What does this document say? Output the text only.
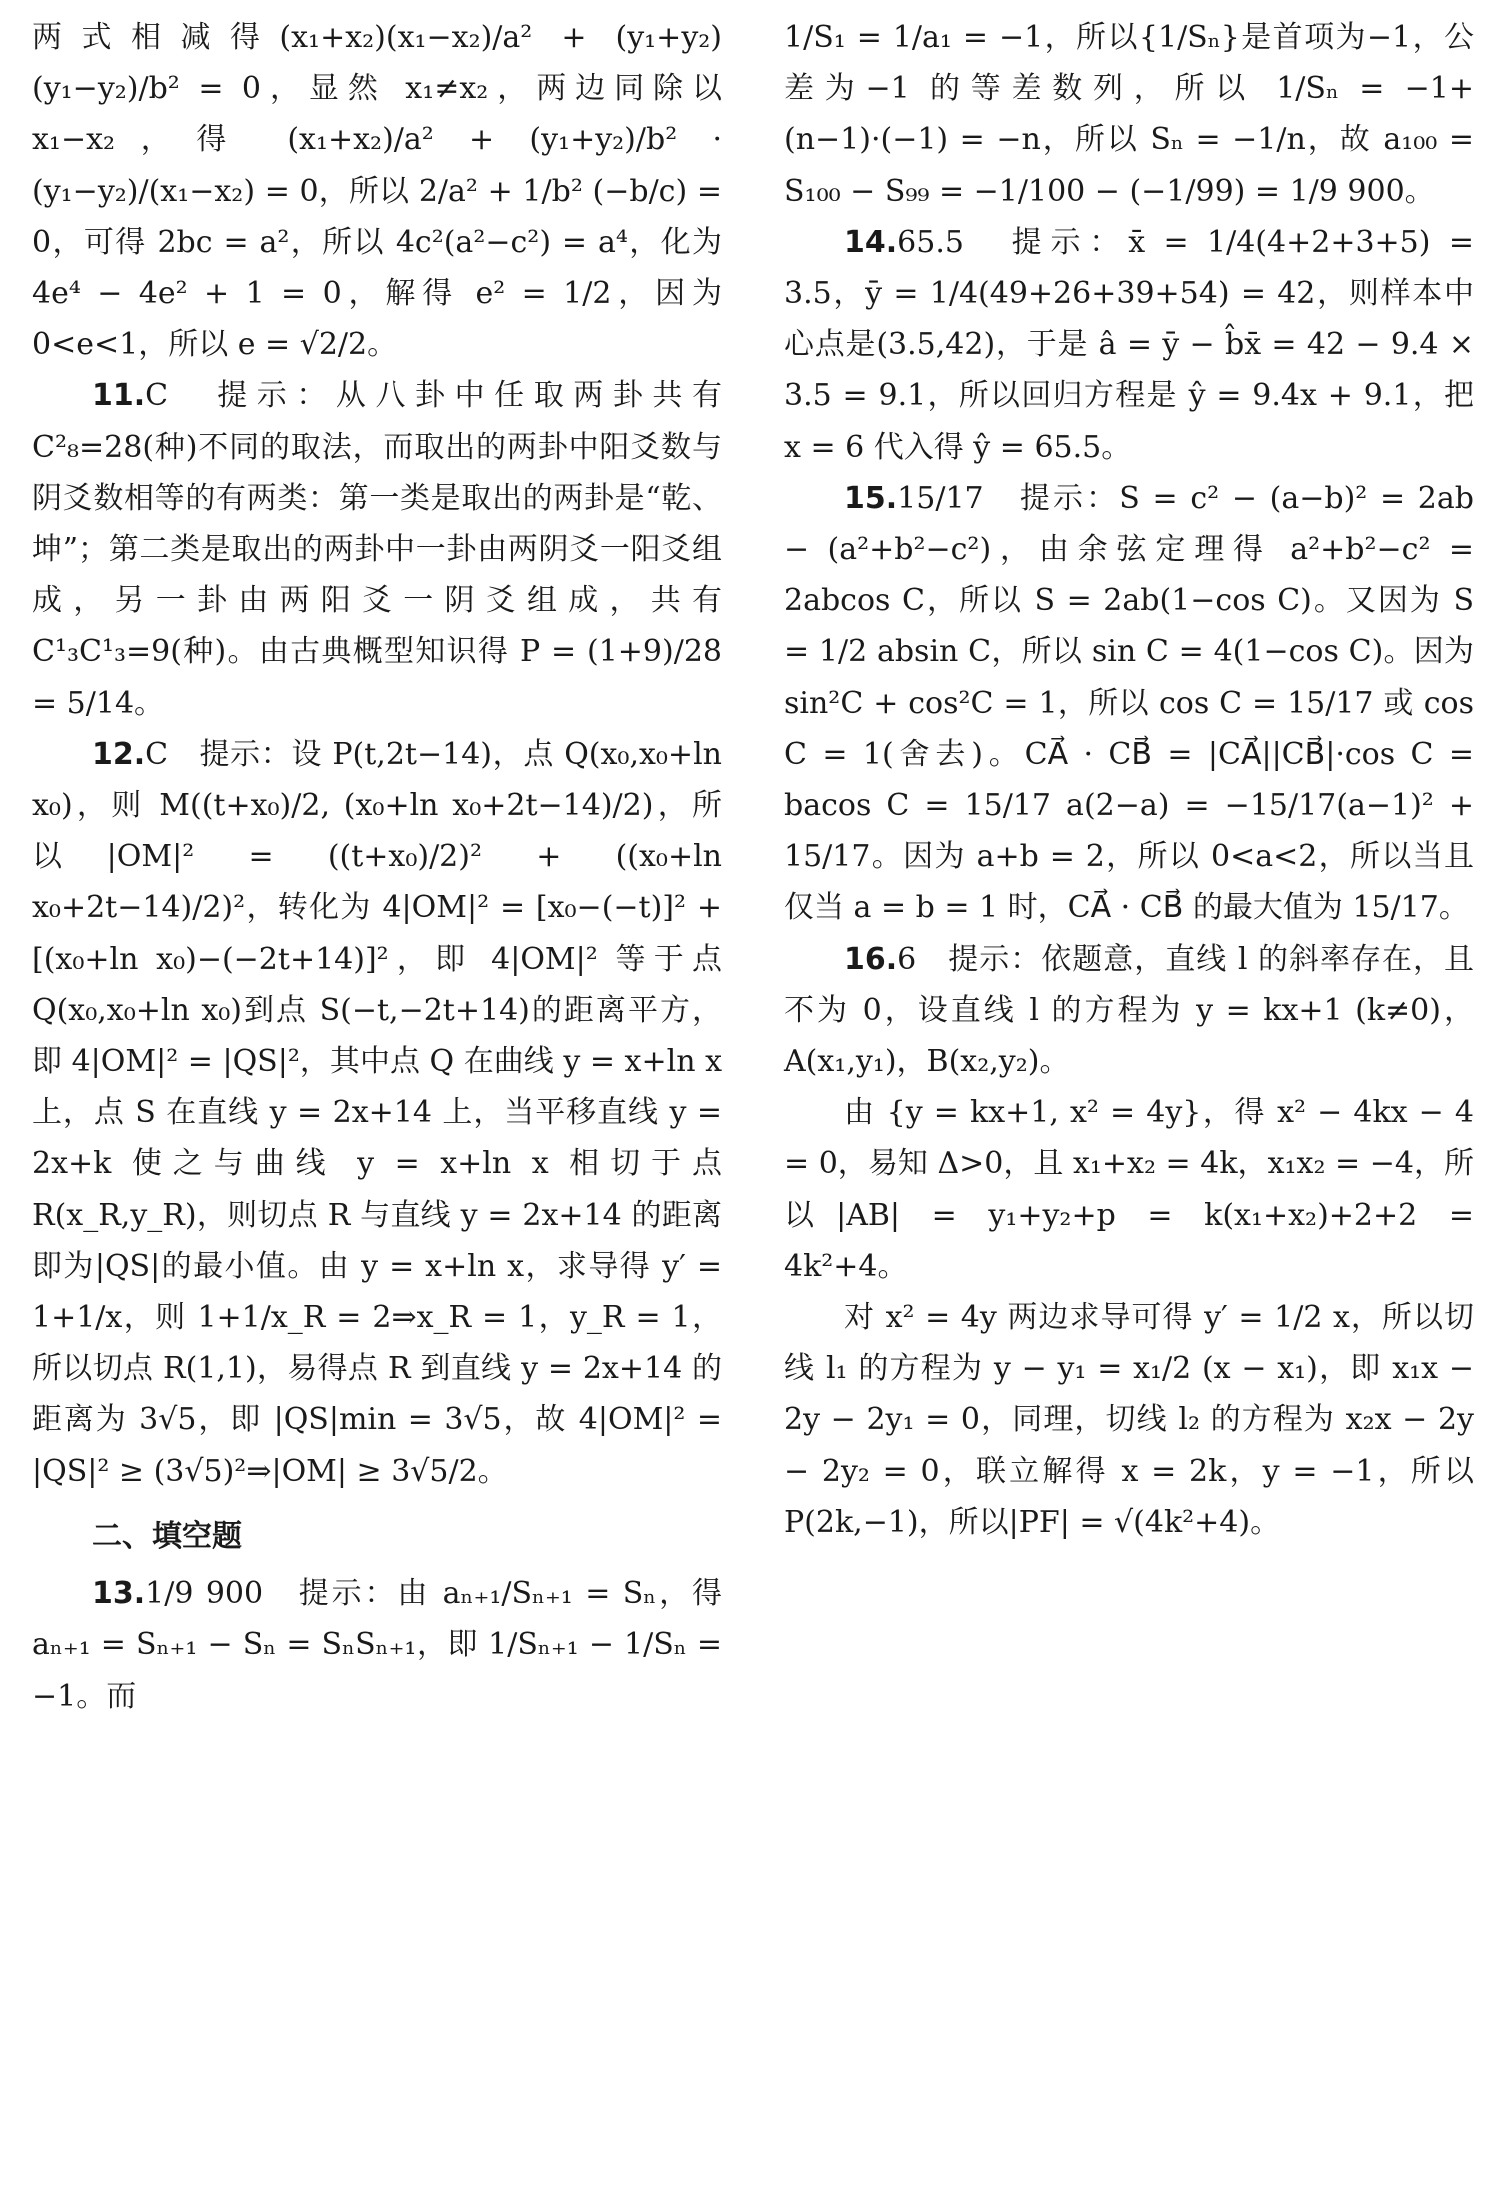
两式相减得(x₁+x₂)(x₁−x₂)/a² + (y₁+y₂)(y₁−y₂)/b² = 0，显然 x₁≠x₂，两边同除以 x₁−x₂，得 (x₁+x₂)/a² + (y₁+y₂)/b² · (y₁−y₂)/(x₁−x₂) = 0，所以 2/a² + 1/b² (−b/c) = 0，可得 2bc = a²，所以 4c²(a²−c²) = a⁴，化为 4e⁴ − 4e² + 1 = 0，解得 e² = 1/2，因为 0<e<1，所以 e = √2/2。

11.C　提示：从八卦中任取两卦共有 C²₈=28(种)不同的取法，而取出的两卦中阳爻数与阴爻数相等的有两类：第一类是取出的两卦是“乾、坤”；第二类是取出的两卦中一卦由两阴爻一阳爻组成，另一卦由两阳爻一阴爻组成，共有 C¹₃C¹₃=9(种)。由古典概型知识得 P = (1+9)/28 = 5/14。

12.C　提示：设 P(t,2t−14)，点 Q(x₀,x₀+ln x₀)，则 M((t+x₀)/2, (x₀+ln x₀+2t−14)/2)，所以|OM|² = ((t+x₀)/2)² + ((x₀+ln x₀+2t−14)/2)²，转化为 4|OM|² = [x₀−(−t)]² + [(x₀+ln x₀)−(−2t+14)]²，即 4|OM|² 等于点 Q(x₀,x₀+ln x₀)到点 S(−t,−2t+14)的距离平方，即 4|OM|² = |QS|²，其中点 Q 在曲线 y = x+ln x 上，点 S 在直线 y = 2x+14 上，当平移直线 y = 2x+k 使之与曲线 y = x+ln x 相切于点 R(x_R,y_R)，则切点 R 与直线 y = 2x+14 的距离即为|QS|的最小值。由 y = x+ln x，求导得 y′ = 1+1/x，则 1+1/x_R = 2⇒x_R = 1，y_R = 1，所以切点 R(1,1)，易得点 R 到直线 y = 2x+14 的距离为 3√5，即 |QS|min = 3√5，故 4|OM|² = |QS|² ≥ (3√5)²⇒|OM| ≥ 3√5/2。

二、填空题

13.1/9 900　提示：由 aₙ₊₁/Sₙ₊₁ = Sₙ，得 aₙ₊₁ = Sₙ₊₁ − Sₙ = SₙSₙ₊₁，即 1/Sₙ₊₁ − 1/Sₙ = −1。而

1/S₁ = 1/a₁ = −1，所以{1/Sₙ}是首项为−1，公差为−1 的等差数列，所以 1/Sₙ = −1+(n−1)·(−1) = −n，所以 Sₙ = −1/n，故 a₁₀₀ = S₁₀₀ − S₉₉ = −1/100 − (−1/99) = 1/9 900。

14.65.5　提示：x̄ = 1/4(4+2+3+5) = 3.5，ȳ = 1/4(49+26+39+54) = 42，则样本中心点是(3.5,42)，于是 â = ȳ − b̂x̄ = 42 − 9.4 × 3.5 = 9.1，所以回归方程是 ŷ = 9.4x + 9.1，把 x = 6 代入得 ŷ = 65.5。

15.15/17　提示：S = c² − (a−b)² = 2ab − (a²+b²−c²)，由余弦定理得 a²+b²−c² = 2abcos C，所以 S = 2ab(1−cos C)。又因为 S = 1/2 absin C，所以 sin C = 4(1−cos C)。因为 sin²C + cos²C = 1，所以 cos C = 15/17 或 cos C = 1(舍去)。CA⃗ · CB⃗ = |CA⃗||CB⃗|·cos C = bacos C = 15/17 a(2−a) = −15/17(a−1)² + 15/17。因为 a+b = 2，所以 0<a<2，所以当且仅当 a = b = 1 时，CA⃗ · CB⃗ 的最大值为 15/17。

16.6　提示：依题意，直线 l 的斜率存在，且不为 0，设直线 l 的方程为 y = kx+1 (k≠0)，A(x₁,y₁)，B(x₂,y₂)。

由 {y = kx+1, x² = 4y}，得 x² − 4kx − 4 = 0，易知 Δ>0，且 x₁+x₂ = 4k，x₁x₂ = −4，所以|AB| = y₁+y₂+p = k(x₁+x₂)+2+2 = 4k²+4。

对 x² = 4y 两边求导可得 y′ = 1/2 x，所以切线 l₁ 的方程为 y − y₁ = x₁/2 (x − x₁)，即 x₁x − 2y − 2y₁ = 0，同理，切线 l₂ 的方程为 x₂x − 2y − 2y₂ = 0，联立解得 x = 2k，y = −1，所以 P(2k,−1)，所以|PF| = √(4k²+4)。
